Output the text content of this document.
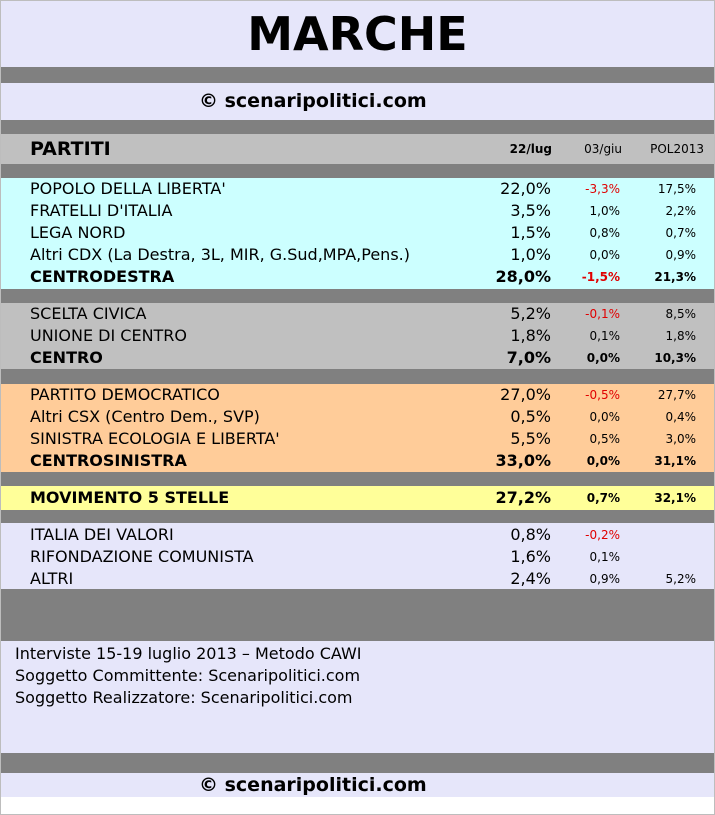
MARCHE
© scenaripolitici.com
PARTITI	22/lug	03/giu POL2013
POPOLO DELLA LIBERTA'	22,0%	-3,3%	17,5%
FRATELLI D'ITALIA	3,5%	1,0%	2,2%
LEGA NORD	1,5%	0,8%	0,7%
Altri CDX (La Destra, 3L, MIR, G.Sud,MPA,Pens.)	1,0%	0,0%	0,9%
CENTRODESTRA	28,0%	-1,5%	21,3%
SCELTA CIVICA	5,2%	-0,1%	8,5%
UNIONE DI CENTRO	1,8%	0,1%	1,8%
CENTRO	7,0%	0,0%	10,3%
PARTITO DEMOCRATICO	27,0%	-0,5%	27,7%
Altri CSX (Centro Dem., SVP)	0,5%	0,0%	0,4%
SINISTRA ECOLOGIA E LIBERTA'	5,5%	0,5%	3,0%
CENTROSINISTRA	33,0%	0,0%	31,1%
MOVIMENTO 5 STELLE	27,2%	0,7%	32,1%
ITALIA DEI VALORI	0,8%	-0,2%
RIFONDAZIONE COMUNISTA	1,6%	0,1%
ALTRI	2,4%	0,9%	5,2%
Interviste 15-19 luglio 2013 – Metodo CAWI
Soggetto Committente: Scenaripolitici.com
Soggetto Realizzatore: Scenaripolitici.com
© scenaripolitici.com
